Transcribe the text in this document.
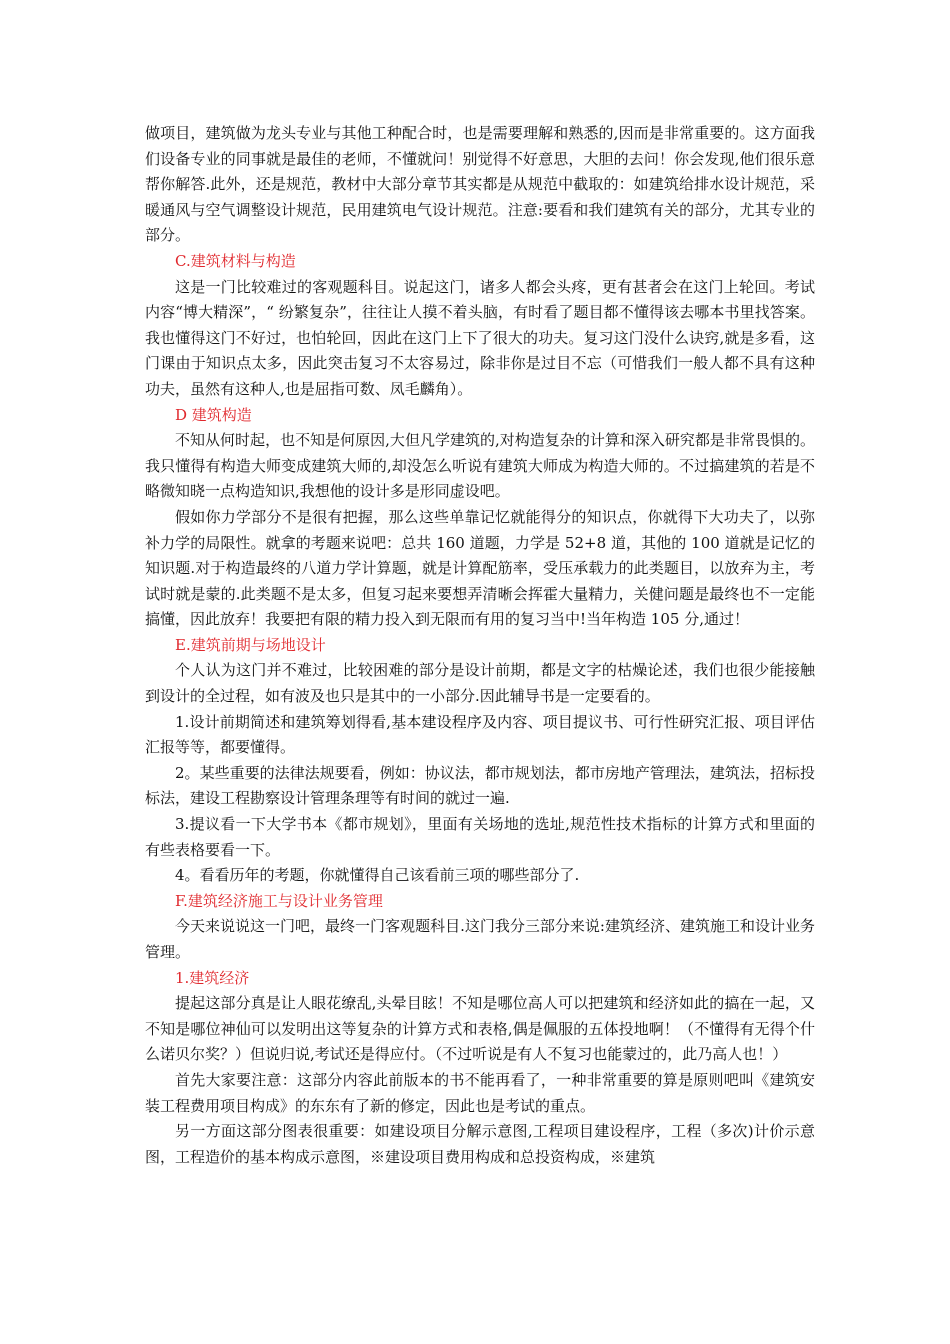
做项目，建筑做为龙头专业与其他工种配合时，也是需要理解和熟悉的,因而是非常重要的。这方面我们设备专业的同事就是最佳的老师，不懂就问！别觉得不好意思，大胆的去问！你会发现,他们很乐意帮你解答.此外，还是规范，教材中大部分章节其实都是从规范中截取的：如建筑给排水设计规范，采暖通风与空气调整设计规范，民用建筑电气设计规范。注意:要看和我们建筑有关的部分，尤其专业的部分。

C.建筑材料与构造

这是一门比较难过的客观题科目。说起这门，诸多人都会头疼，更有甚者会在这门上轮回。考试内容“博大精深”，“ 纷繁复杂”，往往让人摸不着头脑，有时看了题目都不懂得该去哪本书里找答案。我也懂得这门不好过，也怕轮回，因此在这门上下了很大的功夫。复习这门没什么诀窍,就是多看，这门课由于知识点太多，因此突击复习不太容易过，除非你是过目不忘（可惜我们一般人都不具有这种功夫，虽然有这种人,也是屈指可数、凤毛麟角）。

D 建筑构造

不知从何时起，也不知是何原因,大但凡学建筑的,对构造复杂的计算和深入研究都是非常畏惧的。我只懂得有构造大师变成建筑大师的,却没怎么听说有建筑大师成为构造大师的。不过搞建筑的若是不略微知晓一点构造知识,我想他的设计多是形同虚设吧。

假如你力学部分不是很有把握，那么这些单靠记忆就能得分的知识点，你就得下大功夫了，以弥补力学的局限性。就拿的考题来说吧：总共 160 道题，力学是 52+8 道，其他的 100 道就是记忆的知识题.对于构造最终的八道力学计算题，就是计算配筋率，受压承载力的此类题目，以放弃为主，考试时就是蒙的.此类题不是太多，但复习起来要想弄清晰会挥霍大量精力，关健问题是最终也不一定能搞懂，因此放弃！我要把有限的精力投入到无限而有用的复习当中!当年构造 105 分,通过！

E.建筑前期与场地设计

个人认为这门并不难过，比较困难的部分是设计前期，都是文字的枯燥论述，我们也很少能接触到设计的全过程，如有波及也只是其中的一小部分.因此辅导书是一定要看的。

1.设计前期简述和建筑筹划得看,基本建设程序及内容、项目提议书、可行性研究汇报、项目评估汇报等等，都要懂得。

2。某些重要的法律法规要看，例如：协议法，都市规划法，都市房地产管理法，建筑法，招标投标法，建设工程勘察设计管理条理等有时间的就过一遍.

3.提议看一下大学书本《都市规划》，里面有关场地的选址,规范性技术指标的计算方式和里面的有些表格要看一下。

4。看看历年的考题，你就懂得自己该看前三项的哪些部分了.

F.建筑经济施工与设计业务管理

今天来说说这一门吧，最终一门客观题科目.这门我分三部分来说:建筑经济、建筑施工和设计业务管理。

1.建筑经济

提起这部分真是让人眼花缭乱,头晕目眩！不知是哪位高人可以把建筑和经济如此的搞在一起，又不知是哪位神仙可以发明出这等复杂的计算方式和表格,偶是佩服的五体投地啊！（不懂得有无得个什么诺贝尔奖？）但说归说,考试还是得应付。（不过听说是有人不复习也能蒙过的，此乃高人也！）

首先大家要注意：这部分内容此前版本的书不能再看了，一种非常重要的算是原则吧叫《建筑安装工程费用项目构成》的东东有了新的修定，因此也是考试的重点。

另一方面这部分图表很重要：如建设项目分解示意图,工程项目建设程序，工程（多次)计价示意图，工程造价的基本构成示意图，※建设项目费用构成和总投资构成，※建筑
